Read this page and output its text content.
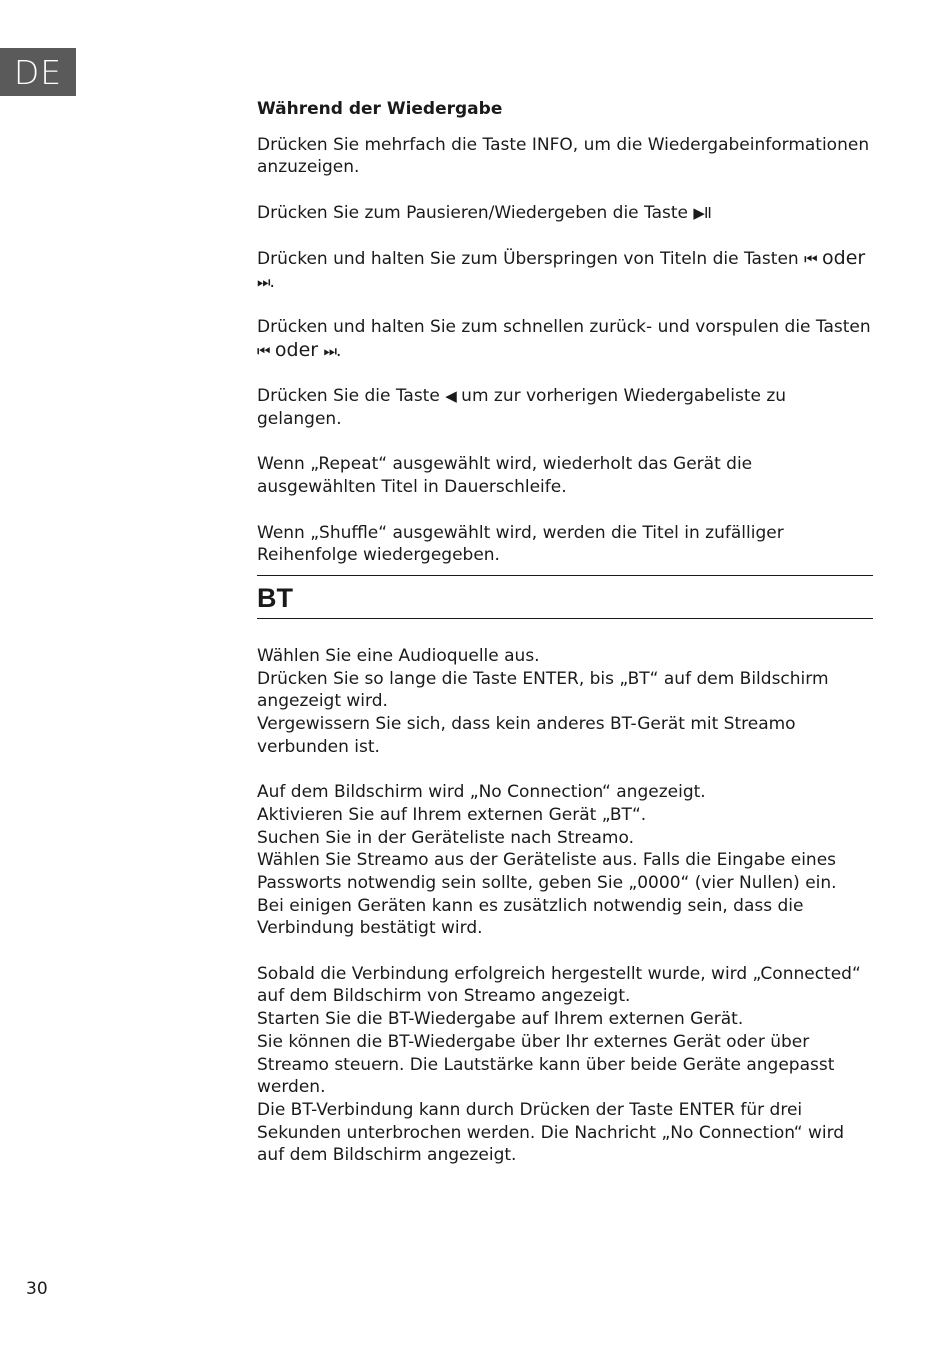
DE

Während der Wiedergabe

Drücken Sie mehrfach die Taste INFO, um die Wiedergabeinformationen anzuzeigen.

Drücken Sie zum Pausieren/Wiedergeben die Taste ▶II

Drücken und halten Sie zum Überspringen von Titeln die Tasten ⏮ oder ⏭.

Drücken und halten Sie zum schnellen zurück- und vorspulen die Tasten ⏮ oder ⏭.

Drücken Sie die Taste ◀ um zur vorherigen Wiedergabeliste zu gelangen.

Wenn „Repeat“ ausgewählt wird, wiederholt das Gerät die ausgewählten Titel in Dauerschleife.

Wenn „Shuffle“ ausgewählt wird, werden die Titel in zufälliger Reihenfolge wiedergegeben.

BT

Wählen Sie eine Audioquelle aus.

Drücken Sie so lange die Taste ENTER, bis „BT“ auf dem Bildschirm angezeigt wird.

Vergewissern Sie sich, dass kein anderes BT-Gerät mit Streamo verbunden ist.

Auf dem Bildschirm wird „No Connection“ angezeigt.

Aktivieren Sie auf Ihrem externen Gerät „BT“.

Suchen Sie in der Geräteliste nach Streamo.

Wählen Sie Streamo aus der Geräteliste aus. Falls die Eingabe eines Passworts notwendig sein sollte, geben Sie „0000“ (vier Nullen) ein.

Bei einigen Geräten kann es zusätzlich notwendig sein, dass die Verbindung bestätigt wird.

Sobald die Verbindung erfolgreich hergestellt wurde, wird „Connected“ auf dem Bildschirm von Streamo angezeigt.

Starten Sie die BT-Wiedergabe auf Ihrem externen Gerät.

Sie können die BT-Wiedergabe über Ihr externes Gerät oder über Streamo steuern. Die Lautstärke kann über beide Geräte angepasst werden.

Die BT-Verbindung kann durch Drücken der Taste ENTER für drei Sekunden unterbrochen werden. Die Nachricht „No Connection“ wird auf dem Bildschirm angezeigt.

30
